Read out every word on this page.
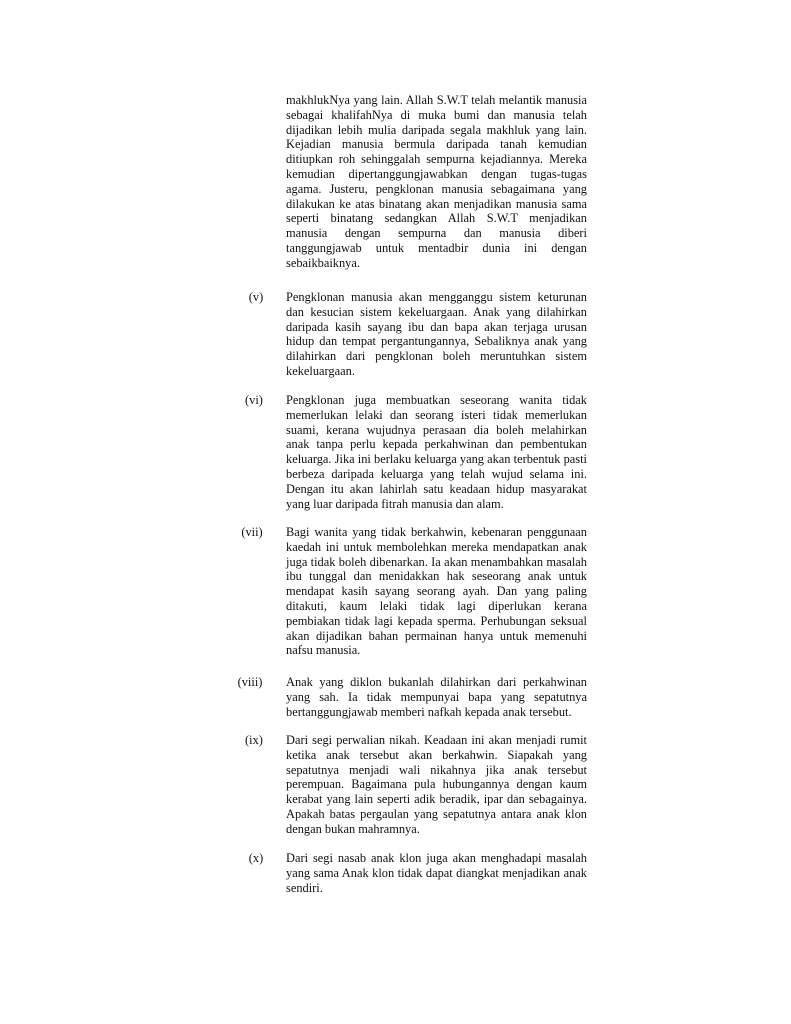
makhlukNya yang lain. Allah S.W.T telah melantik manusia sebagai khalifahNya di muka bumi dan manusia telah dijadikan lebih mulia daripada segala makhluk yang lain. Kejadian manusia bermula daripada tanah kemudian ditiupkan roh sehinggalah sempurna kejadiannya. Mereka kemudian dipertanggungjawabkan dengan tugas-tugas agama. Justeru, pengklonan manusia sebagaimana yang dilakukan ke atas binatang akan menjadikan manusia sama seperti binatang sedangkan Allah S.W.T menjadikan manusia dengan sempurna dan manusia diberi tanggungjawab untuk mentadbir dunia ini dengan sebaikbaiknya.

(v)	Pengklonan manusia akan mengganggu sistem keturunan dan kesucian sistem kekeluargaan. Anak yang dilahirkan daripada kasih sayang ibu dan bapa akan terjaga urusan hidup dan tempat pergantungannya, Sebaliknya anak yang dilahirkan dari pengklonan boleh meruntuhkan sistem kekeluargaan.

(vi)	Pengklonan juga membuatkan seseorang wanita tidak memerlukan lelaki dan seorang isteri tidak memerlukan suami, kerana wujudnya perasaan dia boleh melahirkan anak tanpa perlu kepada perkahwinan dan pembentukan keluarga. Jika ini berlaku keluarga yang akan terbentuk pasti berbeza daripada keluarga yang telah wujud selama ini. Dengan itu akan lahirlah satu keadaan hidup masyarakat yang luar daripada fitrah manusia dan alam.

(vii)	Bagi wanita yang tidak berkahwin, kebenaran penggunaan kaedah ini untuk membolehkan mereka mendapatkan anak juga tidak boleh dibenarkan. Ia akan menambahkan masalah ibu tunggal dan menidakkan hak seseorang anak untuk mendapat kasih sayang seorang ayah. Dan yang paling ditakuti, kaum lelaki tidak lagi diperlukan kerana pembiakan tidak lagi kepada sperma. Perhubungan seksual akan dijadikan bahan permainan hanya untuk memenuhi nafsu manusia.

(viii)	Anak yang diklon bukanlah dilahirkan dari perkahwinan yang sah. Ia tidak mempunyai bapa yang sepatutnya bertanggungjawab memberi nafkah kepada anak tersebut.

(ix)	Dari segi perwalian nikah. Keadaan ini akan menjadi rumit ketika anak tersebut akan berkahwin. Siapakah yang sepatutnya menjadi wali nikahnya jika anak tersebut perempuan. Bagaimana pula hubungannya dengan kaum kerabat yang lain seperti adik beradik, ipar dan sebagainya. Apakah batas pergaulan yang sepatutnya antara anak klon dengan bukan mahramnya.

(x)	Dari segi nasab anak klon juga akan menghadapi masalah yang sama Anak klon tidak dapat diangkat menjadikan anak sendiri.
